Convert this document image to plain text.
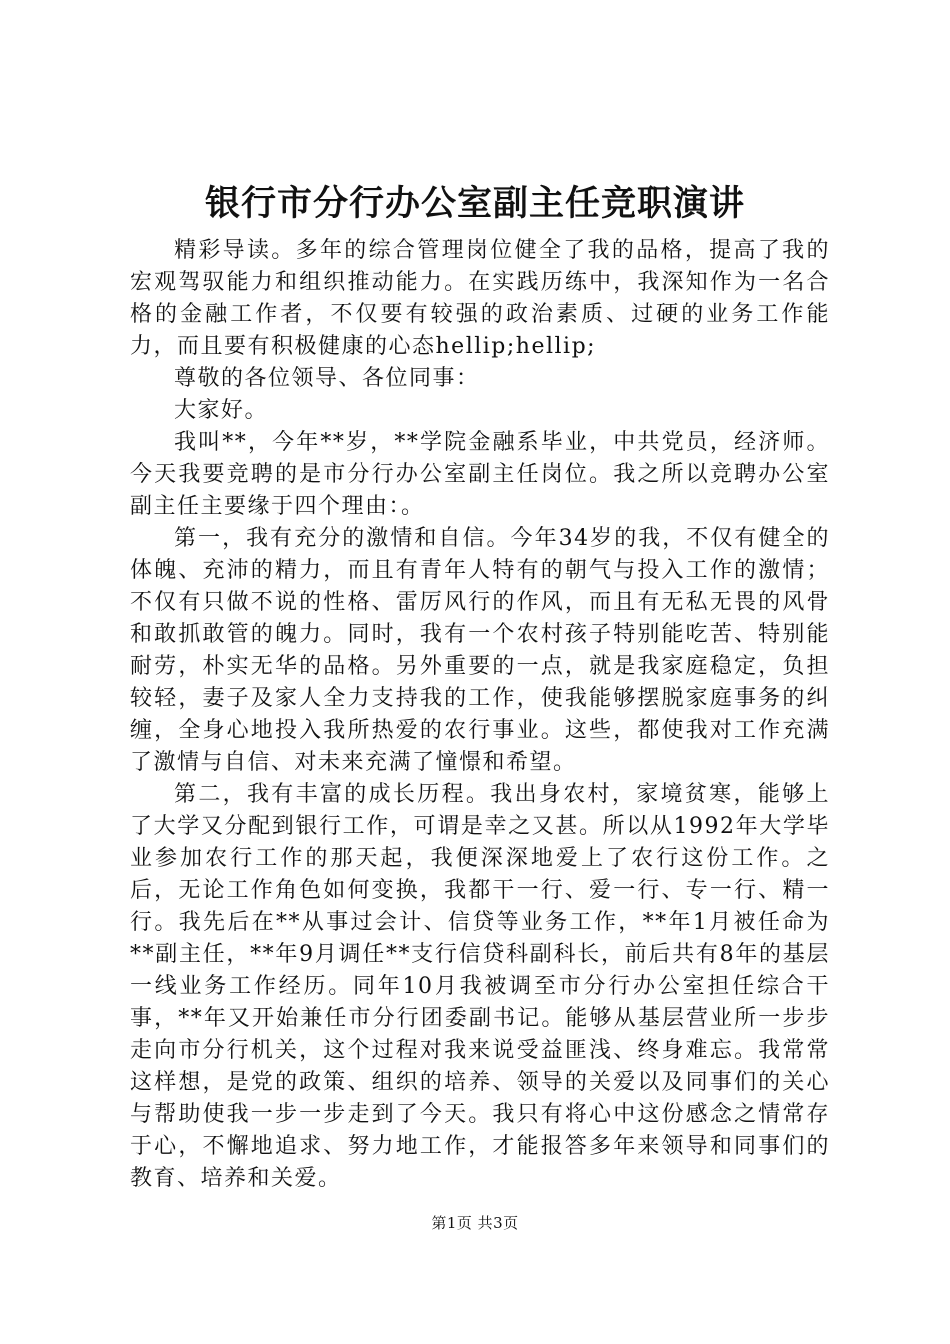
银行市分行办公室副主任竞职演讲

精彩导读。多年的综合管理岗位健全了我的品格，提高了我的宏观驾驭能力和组织推动能力。在实践历练中，我深知作为一名合格的金融工作者，不仅要有较强的政治素质、过硬的业务工作能力，而且要有积极健康的心态hellip;hellip;

尊敬的各位领导、各位同事：

大家好。

我叫**，今年**岁，**学院金融系毕业，中共党员，经济师。今天我要竞聘的是市分行办公室副主任岗位。我之所以竞聘办公室副主任主要缘于四个理由：。

第一，我有充分的激情和自信。今年34岁的我，不仅有健全的体魄、充沛的精力，而且有青年人特有的朝气与投入工作的激情；不仅有只做不说的性格、雷厉风行的作风，而且有无私无畏的风骨和敢抓敢管的魄力。同时，我有一个农村孩子特别能吃苦、特别能耐劳，朴实无华的品格。另外重要的一点，就是我家庭稳定，负担较轻，妻子及家人全力支持我的工作，使我能够摆脱家庭事务的纠缠，全身心地投入我所热爱的农行事业。这些，都使我对工作充满了激情与自信、对未来充满了憧憬和希望。

第二，我有丰富的成长历程。我出身农村，家境贫寒，能够上了大学又分配到银行工作，可谓是幸之又甚。所以从1992年大学毕业参加农行工作的那天起，我便深深地爱上了农行这份工作。之后，无论工作角色如何变换，我都干一行、爱一行、专一行、精一行。我先后在**从事过会计、信贷等业务工作，**年1月被任命为**副主任，**年9月调任**支行信贷科副科长，前后共有8年的基层一线业务工作经历。同年10月我被调至市分行办公室担任综合干事，**年又开始兼任市分行团委副书记。能够从基层营业所一步步走向市分行机关，这个过程对我来说受益匪浅、终身难忘。我常常这样想，是党的政策、组织的培养、领导的关爱以及同事们的关心与帮助使我一步一步走到了今天。我只有将心中这份感念之情常存于心，不懈地追求、努力地工作，才能报答多年来领导和同事们的教育、培养和关爱。

第1页 共3页
